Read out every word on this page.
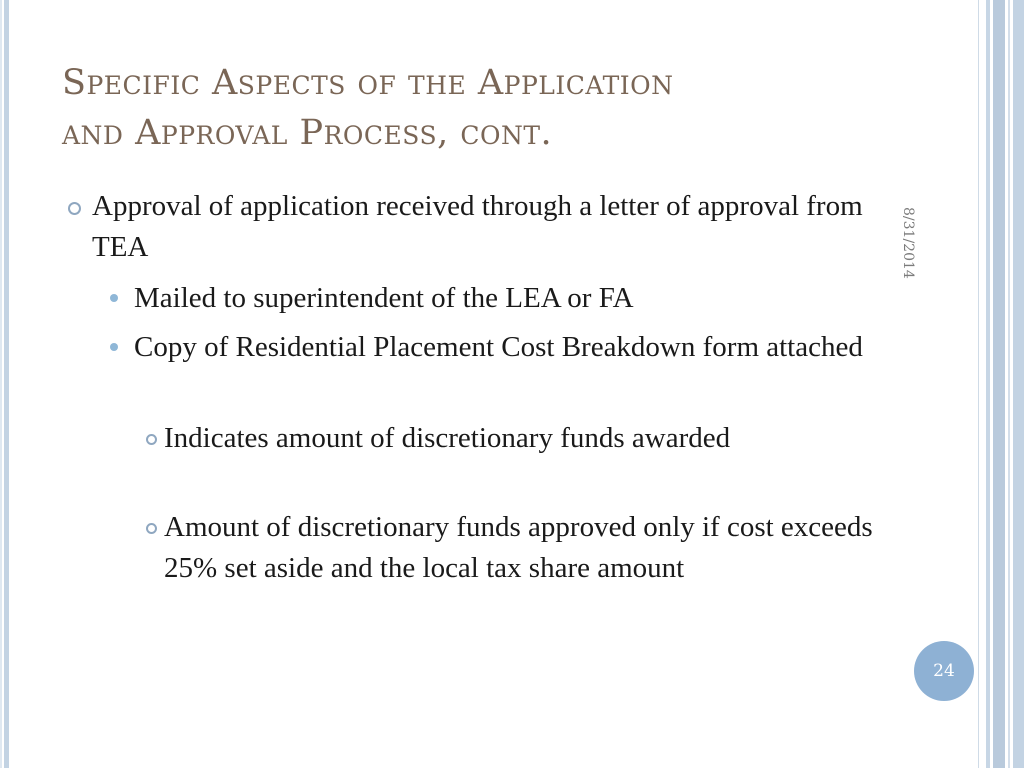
Specific Aspects of the Application
and Approval Process, cont.
8/31/2014
Approval of application received through a letter of approval from TEA
Mailed to superintendent of the LEA or FA
Copy of Residential Placement Cost Breakdown form attached
Indicates amount of discretionary funds awarded
Amount of discretionary funds approved only if cost exceeds 25% set aside and the local tax share amount
24
